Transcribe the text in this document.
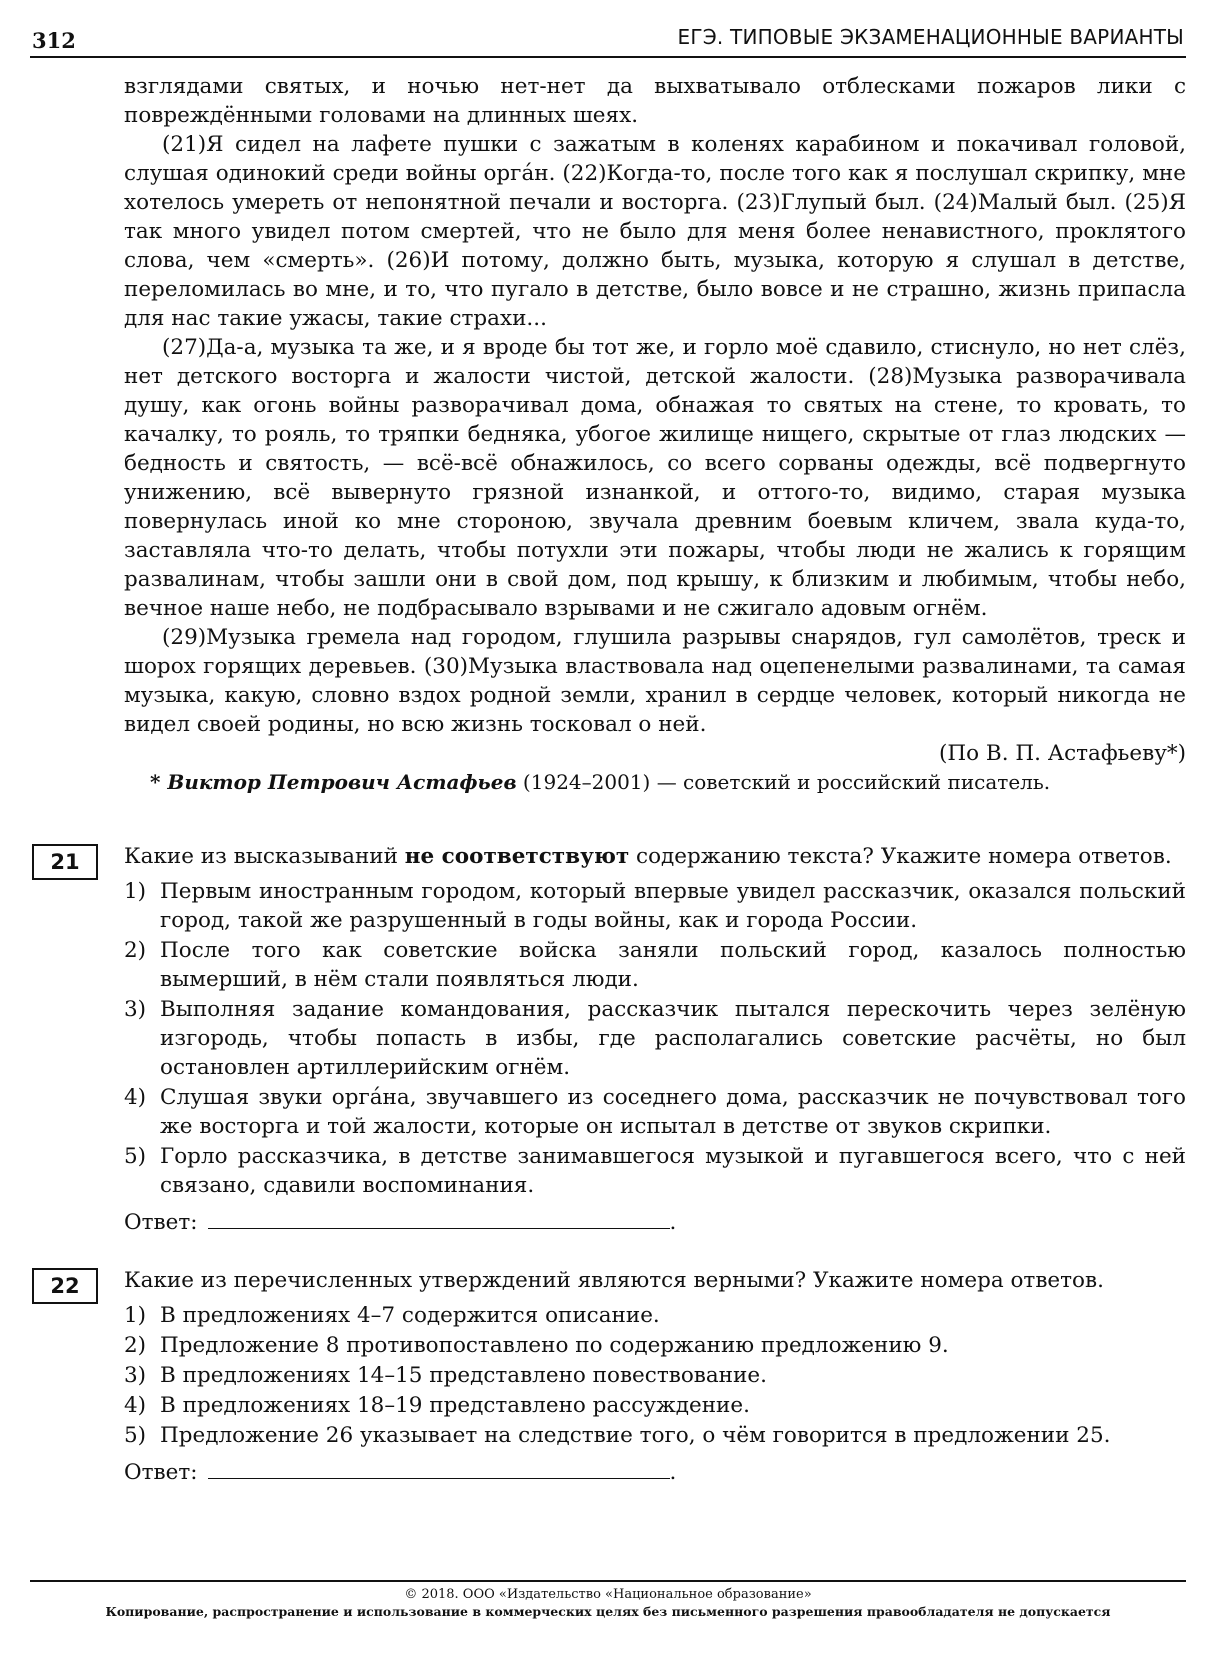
312	ЕГЭ. ТИПОВЫЕ ЭКЗАМЕНАЦИОННЫЕ ВАРИАНТЫ

взглядами святых, и ночью нет-нет да выхватывало отблесками пожаров лики с повреждёнными головами на длинных шеях.

(21)Я сидел на лафете пушки с зажатым в коленях карабином и покачивал головой, слушая одинокий среди войны орга́н. (22)Когда-то, после того как я послушал скрипку, мне хотелось умереть от непонятной печали и восторга. (23)Глупый был. (24)Малый был. (25)Я так много увидел потом смертей, что не было для меня более ненавистного, проклятого слова, чем «смерть». (26)И потому, должно быть, музыка, которую я слушал в детстве, переломилась во мне, и то, что пугало в детстве, было вовсе и не страшно, жизнь припасла для нас такие ужасы, такие страхи...

(27)Да-а, музыка та же, и я вроде бы тот же, и горло моё сдавило, стиснуло, но нет слёз, нет детского восторга и жалости чистой, детской жалости. (28)Музыка разворачивала душу, как огонь войны разворачивал дома, обнажая то святых на стене, то кровать, то качалку, то рояль, то тряпки бедняка, убогое жилище нищего, скрытые от глаз людских — бедность и святость, — всё-всё обнажилось, со всего сорваны одежды, всё подвергнуто унижению, всё вывернуто грязной изнанкой, и оттого-то, видимо, старая музыка повернулась иной ко мне стороною, звучала древним боевым кличем, звала куда-то, заставляла что-то делать, чтобы потухли эти пожары, чтобы люди не жались к горящим развалинам, чтобы зашли они в свой дом, под крышу, к близким и любимым, чтобы небо, вечное наше небо, не подбрасывало взрывами и не сжигало адовым огнём.

(29)Музыка гремела над городом, глушила разрывы снарядов, гул самолётов, треск и шорох горящих деревьев. (30)Музыка властвовала над оцепенелыми развалинами, та самая музыка, какую, словно вздох родной земли, хранил в сердце человек, который никогда не видел своей родины, но всю жизнь тосковал о ней.

(По В. П. Астафьеву*)

* Виктор Петрович Астафьев (1924–2001) — советский и российский писатель.

21	Какие из высказываний не соответствуют содержанию текста? Укажите номера ответов.

1) Первым иностранным городом, который впервые увидел рассказчик, оказался польский город, такой же разрушенный в годы войны, как и города России.
2) После того как советские войска заняли польский город, казалось полностью вымерший, в нём стали появляться люди.
3) Выполняя задание командования, рассказчик пытался перескочить через зелёную изгородь, чтобы попасть в избы, где располагались советские расчёты, но был остановлен артиллерийским огнём.
4) Слушая звуки орга́на, звучавшего из соседнего дома, рассказчик не почувствовал того же восторга и той жалости, которые он испытал в детстве от звуков скрипки.
5) Горло рассказчика, в детстве занимавшегося музыкой и пугавшегося всего, что с ней связано, сдавили воспоминания.
Ответ:	.
22	Какие из перечисленных утверждений являются верными? Укажите номера ответов.

1) В предложениях 4–7 содержится описание.
2) Предложение 8 противопоставлено по содержанию предложению 9.
3) В предложениях 14–15 представлено повествование.
4) В предложениях 18–19 представлено рассуждение.
5) Предложение 26 указывает на следствие того, о чём говорится в предложении 25.
Ответ:	.
© 2018. ООО «Издательство «Национальное образование»
Копирование, распространение и использование в коммерческих целях без письменного разрешения правообладателя не допускается
